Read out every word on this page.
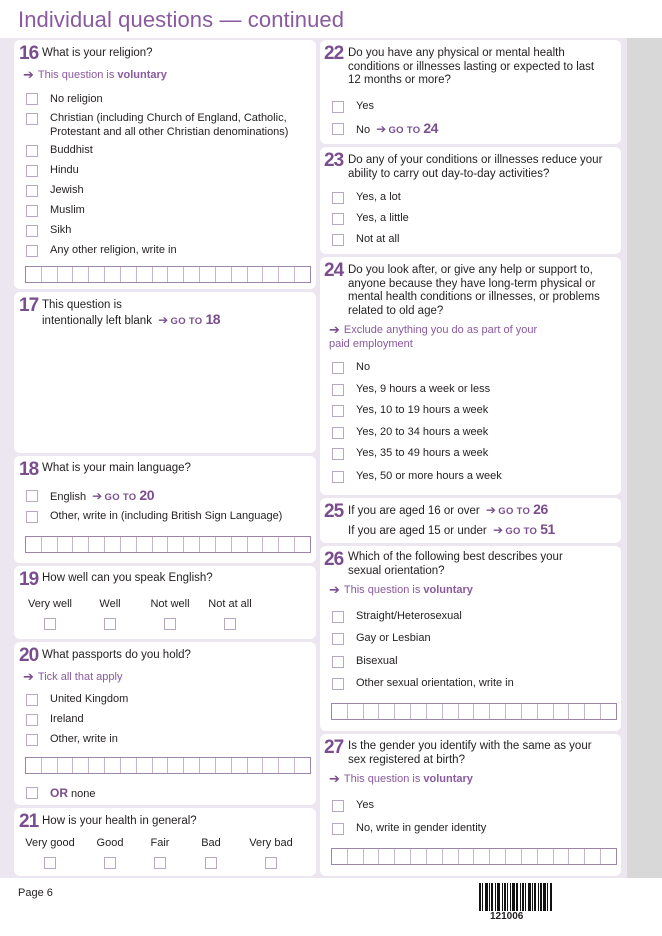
Individual questions — continued
16 What is your religion?
➔ This question is voluntary
No religion
Christian (including Church of England, Catholic, Protestant and all other Christian denominations)
Buddhist
Hindu
Jewish
Muslim
Sikh
Any other religion, write in
17 This question is
intentionally left blank ➔ GO TO 18
18 What is your main language?
English ➔ GO TO 20
Other, write in (including British Sign Language)
19 How well can you speak English?
Very well	Well	Not well	Not at all
20 What passports do you hold?
➔ Tick all that apply
United Kingdom
Ireland
Other, write in
OR none
21 How is your health in general?
Very good	Good	Fair	Bad	Very bad
22 Do you have any physical or mental health conditions or illnesses lasting or expected to last 12 months or more?
Yes
No ➔ GO TO 24
23 Do any of your conditions or illnesses reduce your ability to carry out day-to-day activities?
Yes, a lot
Yes, a little
Not at all
24 Do you look after, or give any help or support to, anyone because they have long-term physical or mental health conditions or illnesses, or problems related to old age?
➔ Exclude anything you do as part of your paid employment
No
Yes, 9 hours a week or less
Yes, 10 to 19 hours a week
Yes, 20 to 34 hours a week
Yes, 35 to 49 hours a week
Yes, 50 or more hours a week
25 If you are aged 16 or over ➔ GO TO 26
If you are aged 15 or under ➔ GO TO 51
26 Which of the following best describes your sexual orientation?
➔ This question is voluntary
Straight/Heterosexual
Gay or Lesbian
Bisexual
Other sexual orientation, write in
27 Is the gender you identify with the same as your sex registered at birth?
➔ This question is voluntary
Yes
No, write in gender identity
Page 6
121006
